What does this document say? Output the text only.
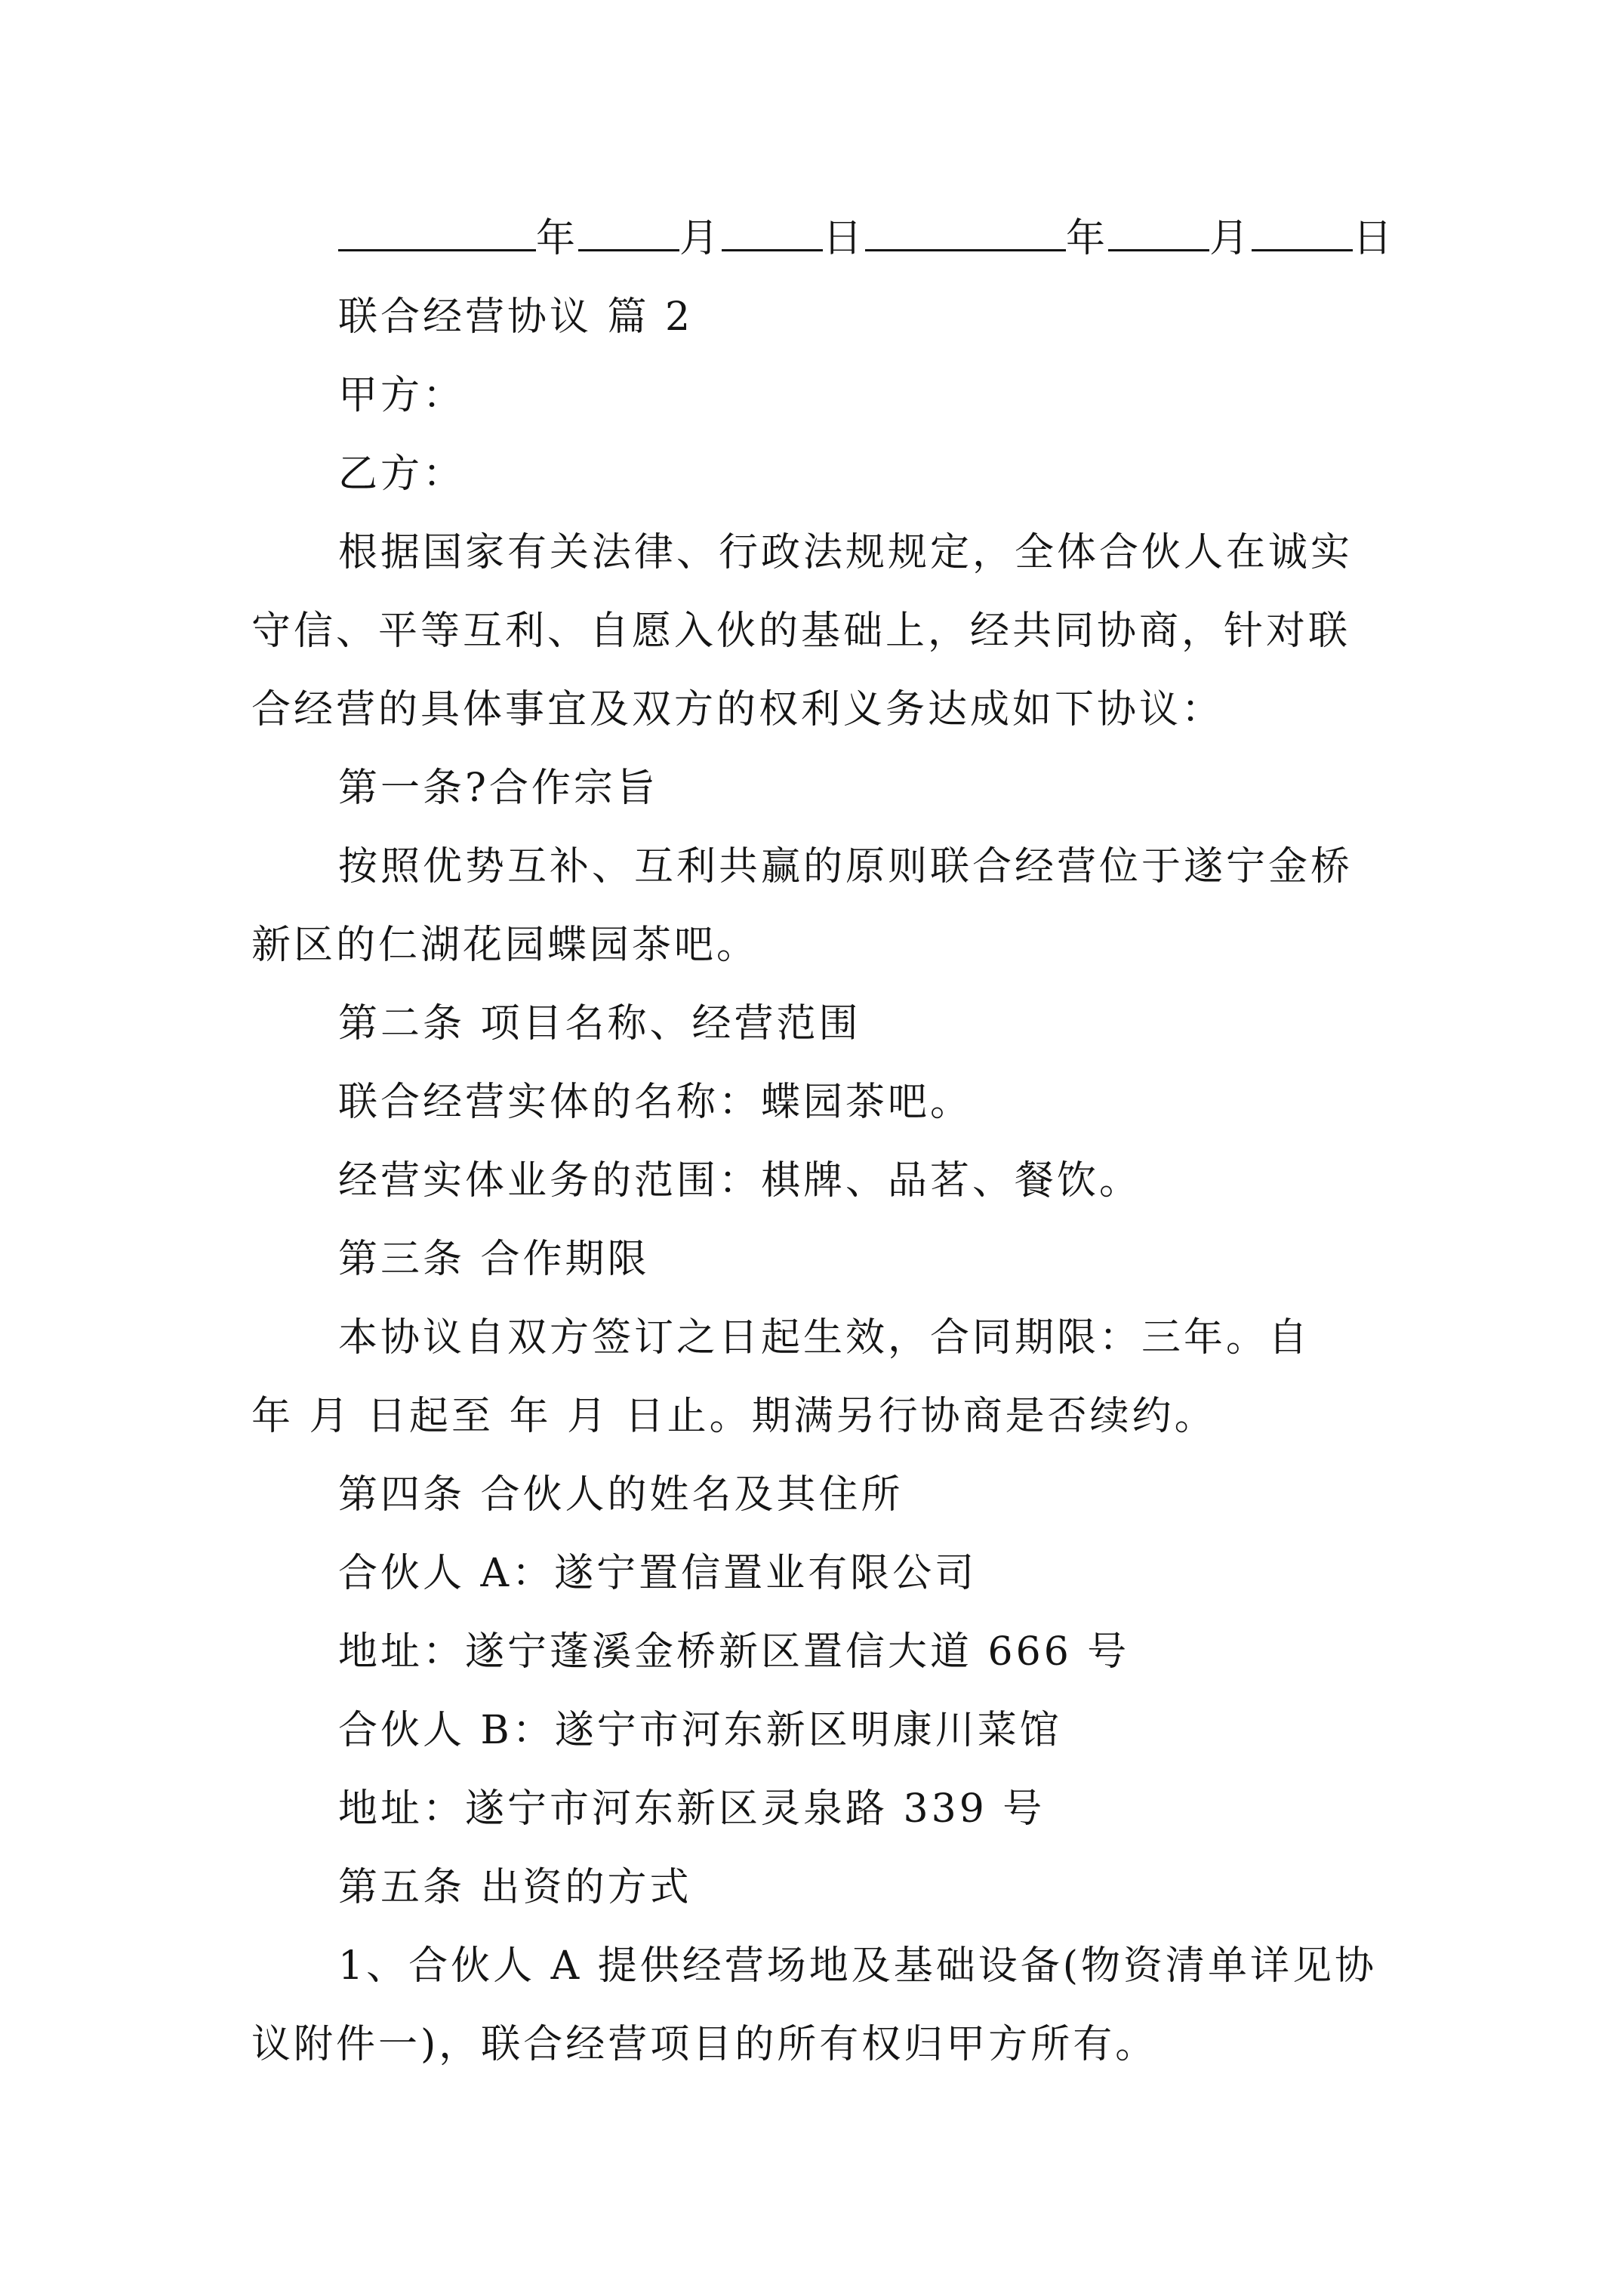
年	月	日	年	月	日
联合经营协议 篇 2
甲方：
乙方：
根据国家有关法律、行政法规规定，全体合伙人在诚实
守信、平等互利、自愿入伙的基础上，经共同协商，针对联
合经营的具体事宜及双方的权利义务达成如下协议：
第一条?合作宗旨
按照优势互补、互利共赢的原则联合经营位于遂宁金桥
新区的仁湖花园蝶园茶吧。
第二条 项目名称、经营范围
联合经营实体的名称：蝶园茶吧。
经营实体业务的范围：棋牌、品茗、餐饮。
第三条 合作期限
本协议自双方签订之日起生效，合同期限：三年。自
年 月 日起至 年 月 日止。期满另行协商是否续约。
第四条 合伙人的姓名及其住所
合伙人 A：遂宁置信置业有限公司
地址：遂宁蓬溪金桥新区置信大道 666 号
合伙人 B：遂宁市河东新区明康川菜馆
地址：遂宁市河东新区灵泉路 339 号
第五条 出资的方式
1、合伙人 A 提供经营场地及基础设备(物资清单详见协
议附件一)，联合经营项目的所有权归甲方所有。
